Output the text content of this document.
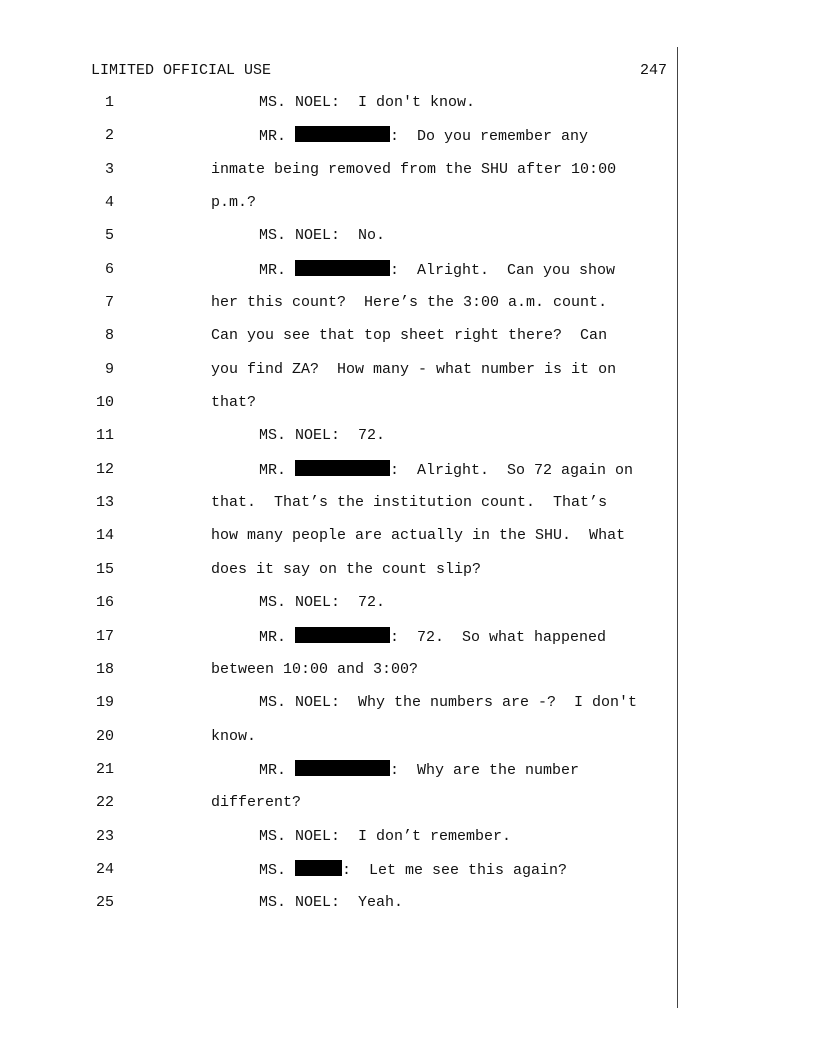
LIMITED OFFICIAL USE	247

1

	MS. NOEL:  I don't know.

2

	MR.	:  Do you remember any

3

	inmate being removed from the SHU after 10:00

4

	p.m.?

5

	MS. NOEL:  No.

6

	MR.	:  Alright.  Can you show

7

	her this count?  Here’s the 3:00 a.m. count.

8

	Can you see that top sheet right there?  Can

9

	you find ZA?  How many - what number is it on

10

	that?

11

	MS. NOEL:  72.

12

	MR.	:  Alright.  So 72 again on

13

	that.  That’s the institution count.  That’s

14

	how many people are actually in the SHU.  What

15

	does it say on the count slip?

16

	MS. NOEL:  72.

17

	MR.	:  72.  So what happened

18

	between 10:00 and 3:00?

19

	MS. NOEL:  Why the numbers are -?  I don't

20

	know.

21

	MR.	:  Why are the number

22

	different?

23

	MS. NOEL:  I don’t remember.

24

	MS.	:  Let me see this again?

25

	MS. NOEL:  Yeah.
